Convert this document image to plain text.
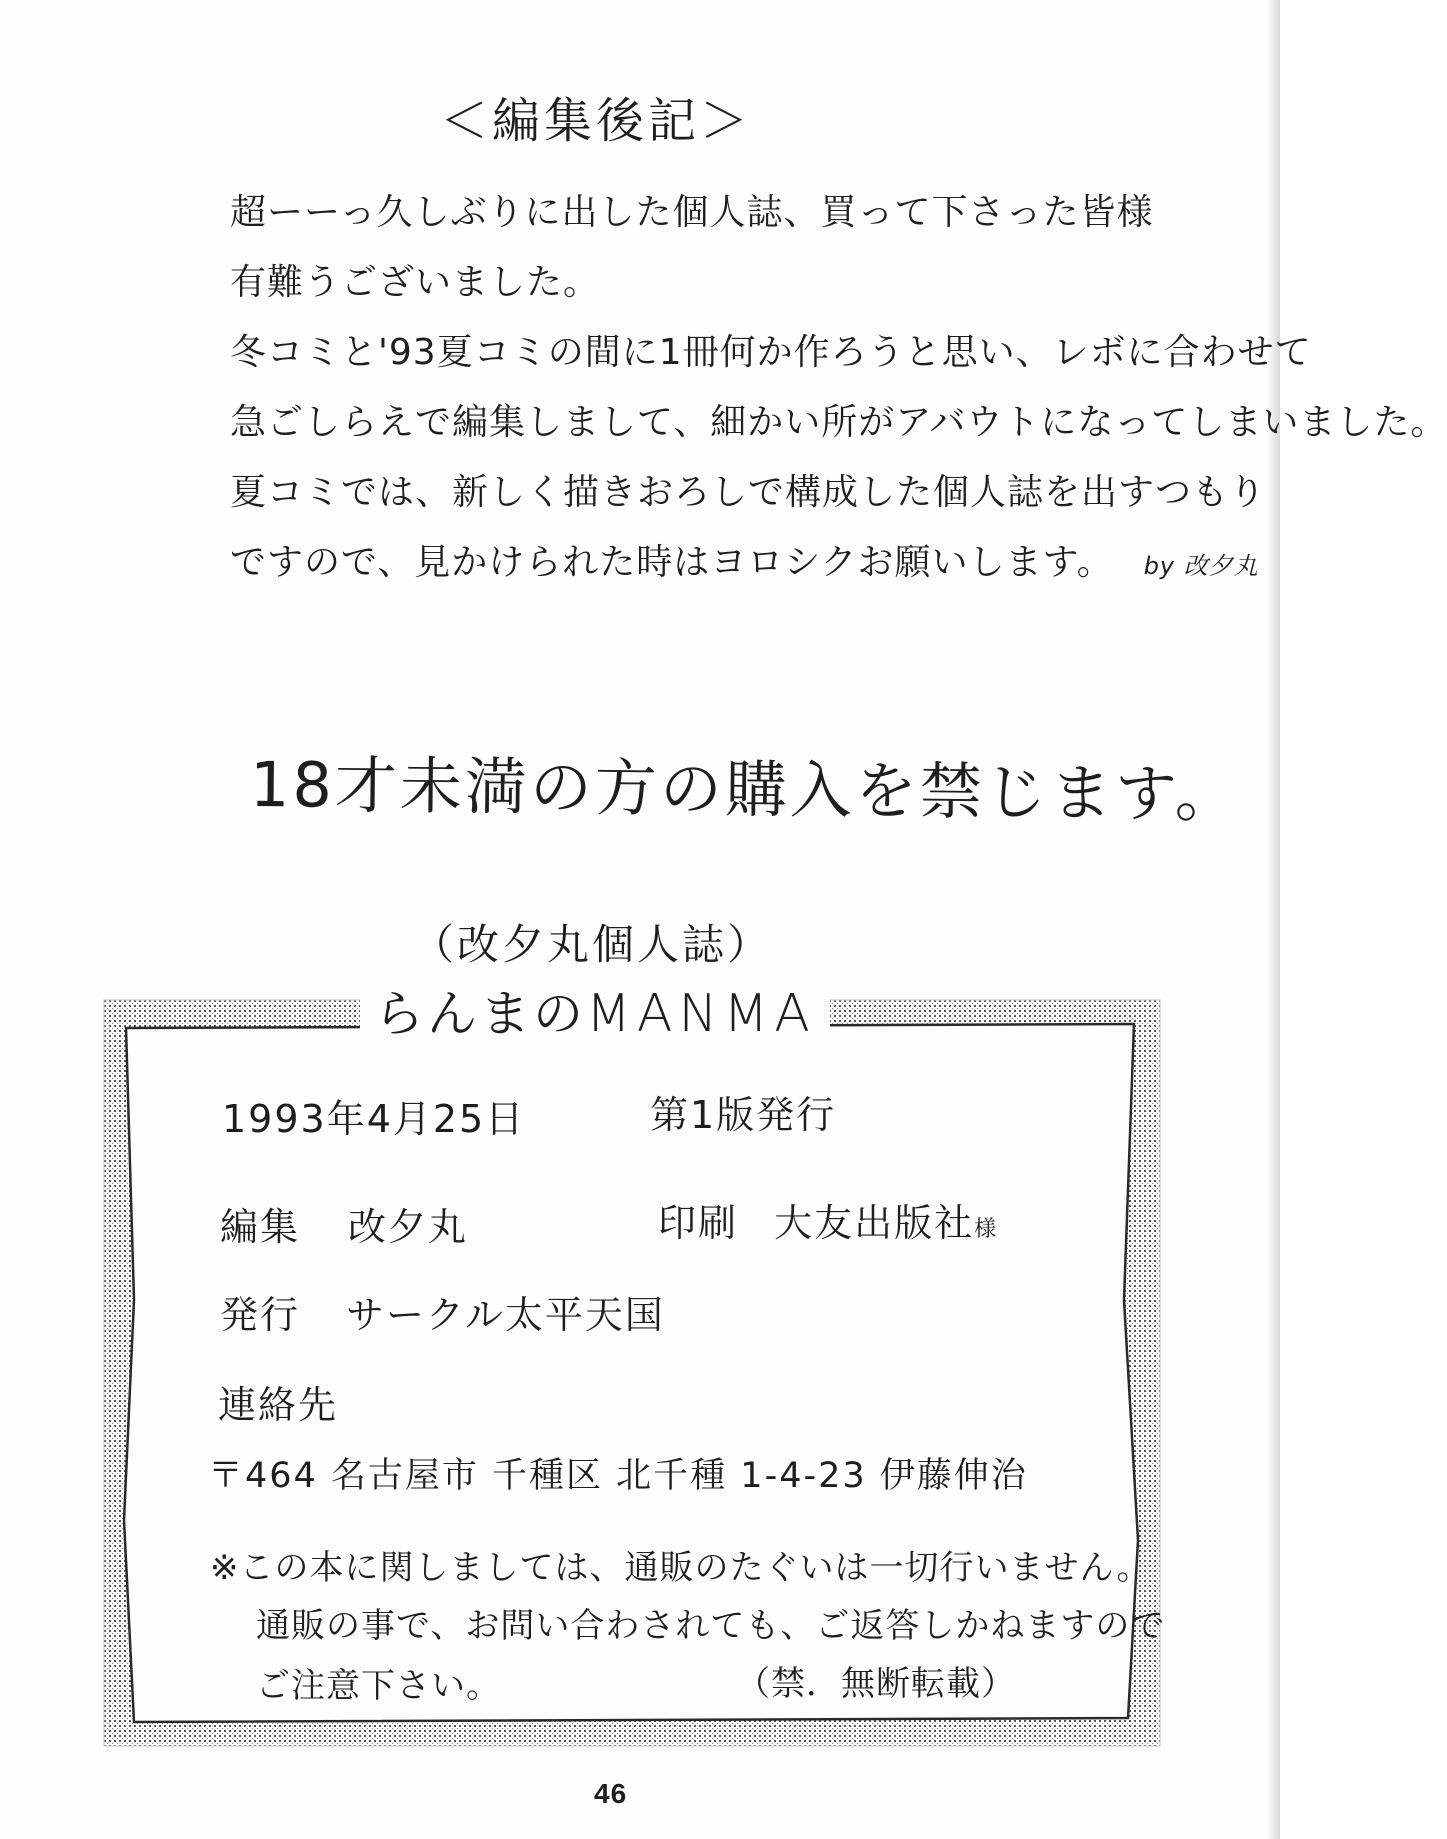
＜編集後記＞
超ーーっ久しぶりに出した個人誌、買って下さった皆様
有難うございました。
冬コミと'93夏コミの間に1冊何か作ろうと思い、レボに合わせて
急ごしらえで編集しまして、細かい所がアバウトになってしまいました。
夏コミでは、新しく描きおろしで構成した個人誌を出すつもり
ですので、見かけられた時はヨロシクお願いします。 by 改夕丸
18才未満の方の購入を禁じます。
（改夕丸個人誌）
らんまのMANMA
1993年4月25日	第1版発行
編集 改夕丸	印刷 大友出版社様
発行 サークル太平天国
連絡先
〒464 名古屋市 千種区 北千種 1-4-23 伊藤伸治
※この本に関しましては、通販のたぐいは一切行いません。
通販の事で、お問い合わされても、ご返答しかねますので
ご注意下さい。	（禁．無断転載）
46
